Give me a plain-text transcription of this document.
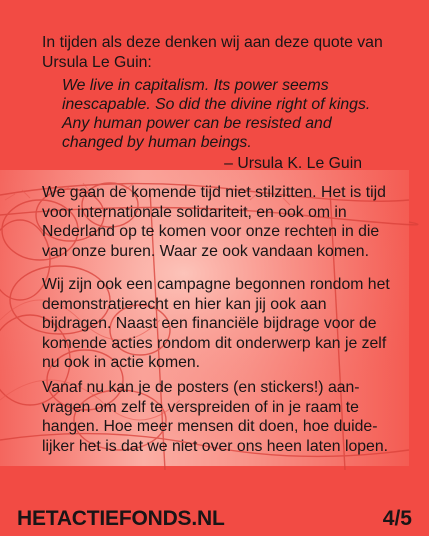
In tijden als deze denken wij aan deze quote van Ursula Le Guin:

We live in capitalism. Its power seems inescapable. So did the divine right of kings. Any human power can be resisted and changed by human beings.

– Ursula K. Le Guin

We gaan de komende tijd niet stilzitten. Het is tijd voor internationale solidariteit, en ook om in Nederland op te komen voor onze rechten in die van onze buren. Waar ze ook vandaan komen.

Wij zijn ook een campagne begonnen rondom het demonstratierecht en hier kan jij ook aan bijdragen. Naast een financiële bijdrage voor de komende acties rondom dit onderwerp kan je zelf nu ook in actie komen.

Vanaf nu kan je de posters (en stickers!) aan-vragen om zelf te verspreiden of in je raam te hangen. Hoe meer mensen dit doen, hoe duide-lijker het is dat we niet over ons heen laten lopen.

HETACTIEFONDS.NL	4/5
